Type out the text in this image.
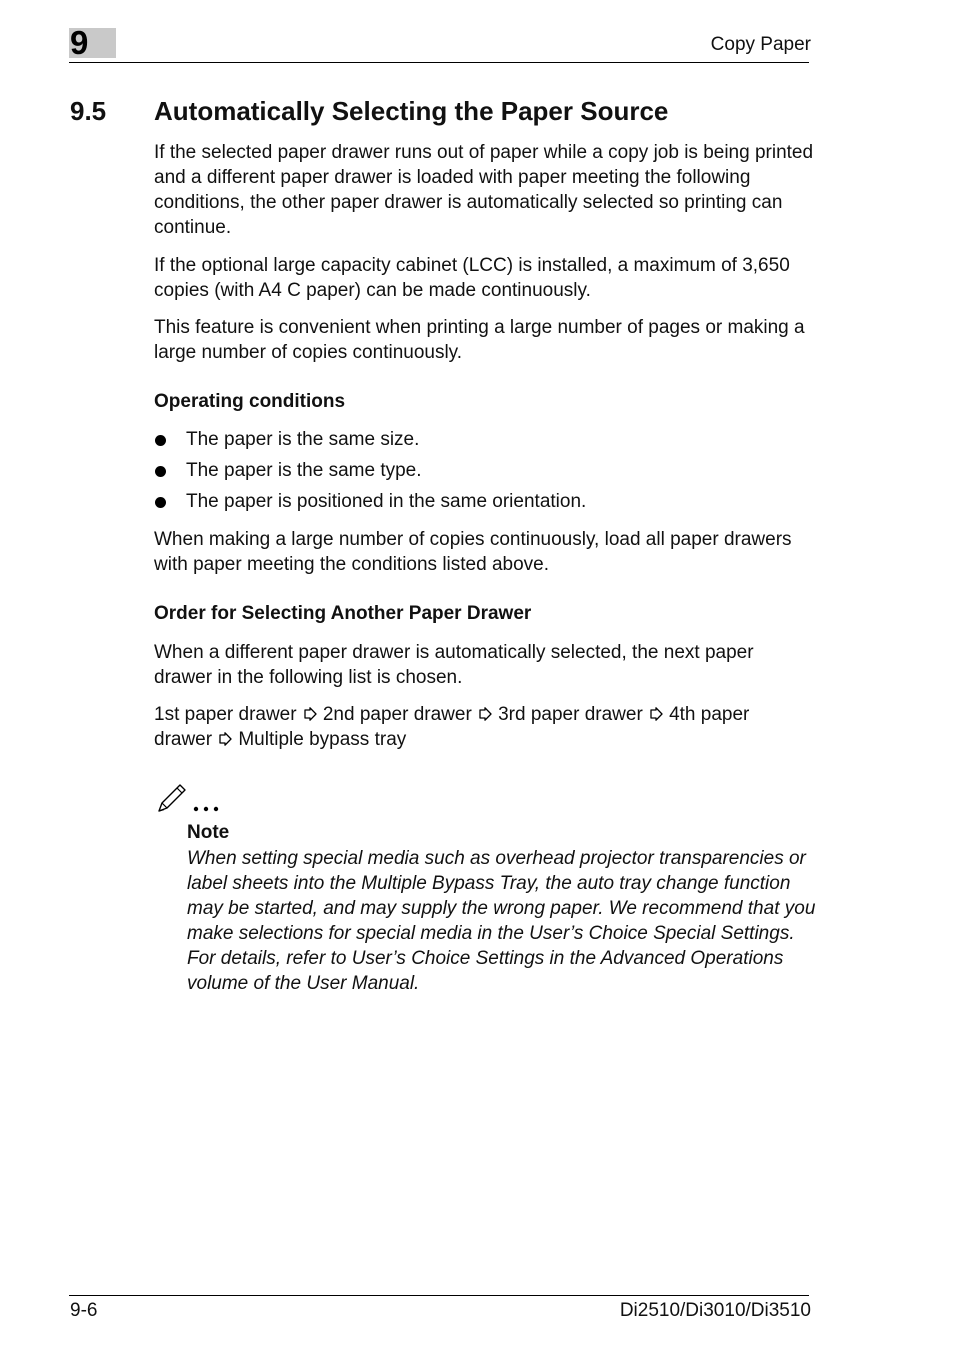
9	Copy Paper
9.5 Automatically Selecting the Paper Source
If the selected paper drawer runs out of paper while a copy job is being printed and a different paper drawer is loaded with paper meeting the following conditions, the other paper drawer is automatically selected so printing can continue.
If the optional large capacity cabinet (LCC) is installed, a maximum of 3,650 copies (with A4 C paper) can be made continuously.
This feature is convenient when printing a large number of pages or making a large number of copies continuously.
Operating conditions
The paper is the same size.
The paper is the same type.
The paper is positioned in the same orientation.
When making a large number of copies continuously, load all paper drawers with paper meeting the conditions listed above.
Order for Selecting Another Paper Drawer
When a different paper drawer is automatically selected, the next paper drawer in the following list is chosen.
1st paper drawer 2nd paper drawer 3rd paper drawer 4th paper
drawer Multiple bypass tray
Note
When setting special media such as overhead projector transparencies or label sheets into the Multiple Bypass Tray, the auto tray change function may be started, and may supply the wrong paper. We recommend that you make selections for special media in the User’s Choice Special Settings. For details, refer to User’s Choice Settings in the Advanced Operations volume of the User Manual.
9-6	Di2510/Di3010/Di3510
